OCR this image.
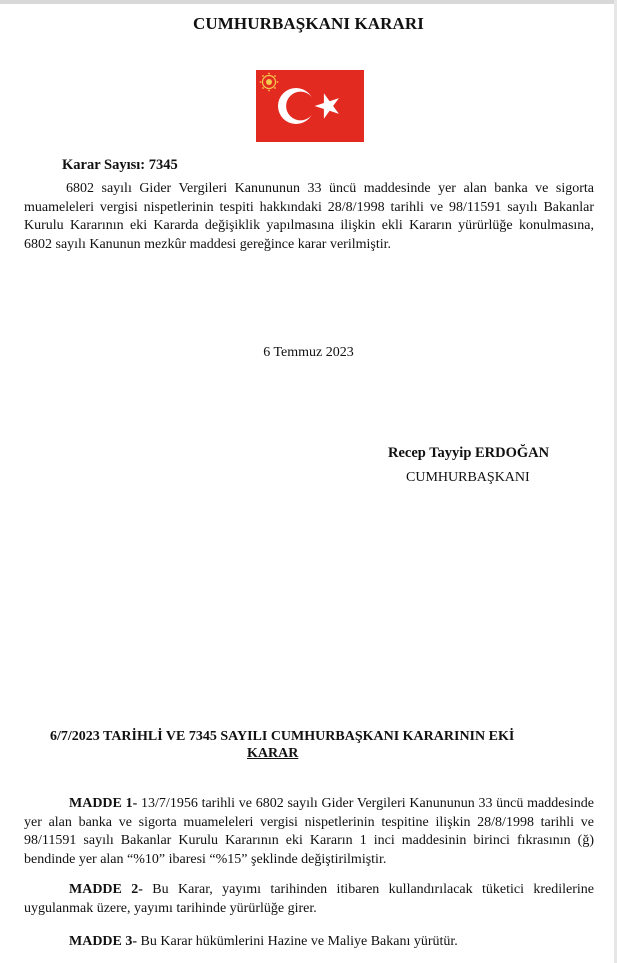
CUMHURBAŞKANI KARARI
Karar Sayısı: 7345
6802 sayılı Gider Vergileri Kanununun 33 üncü maddesinde yer alan banka ve sigorta muameleleri vergisi nispetlerinin tespiti hakkındaki 28/8/1998 tarihli ve 98/11591 sayılı Bakanlar Kurulu Kararının eki Kararda değişiklik yapılmasına ilişkin ekli Kararın yürürlüğe konulmasına, 6802 sayılı Kanunun mezkûr maddesi gereğince karar verilmiştir.
6 Temmuz 2023
Recep Tayyip ERDOĞAN
CUMHURBAŞKANI
6/7/2023 TARİHLİ VE 7345 SAYILI CUMHURBAŞKANI KARARININ EKİ
KARAR
MADDE 1- 13/7/1956 tarihli ve 6802 sayılı Gider Vergileri Kanununun 33 üncü maddesinde yer alan banka ve sigorta muameleleri vergisi nispetlerinin tespitine ilişkin 28/8/1998 tarihli ve 98/11591 sayılı Bakanlar Kurulu Kararının eki Kararın 1 inci maddesinin birinci fıkrasının (ğ) bendinde yer alan “%10” ibaresi “%15” şeklinde değiştirilmiştir.
MADDE 2- Bu Karar, yayımı tarihinden itibaren kullandırılacak tüketici kredilerine uygulanmak üzere, yayımı tarihinde yürürlüğe girer.
MADDE 3- Bu Karar hükümlerini Hazine ve Maliye Bakanı yürütür.
